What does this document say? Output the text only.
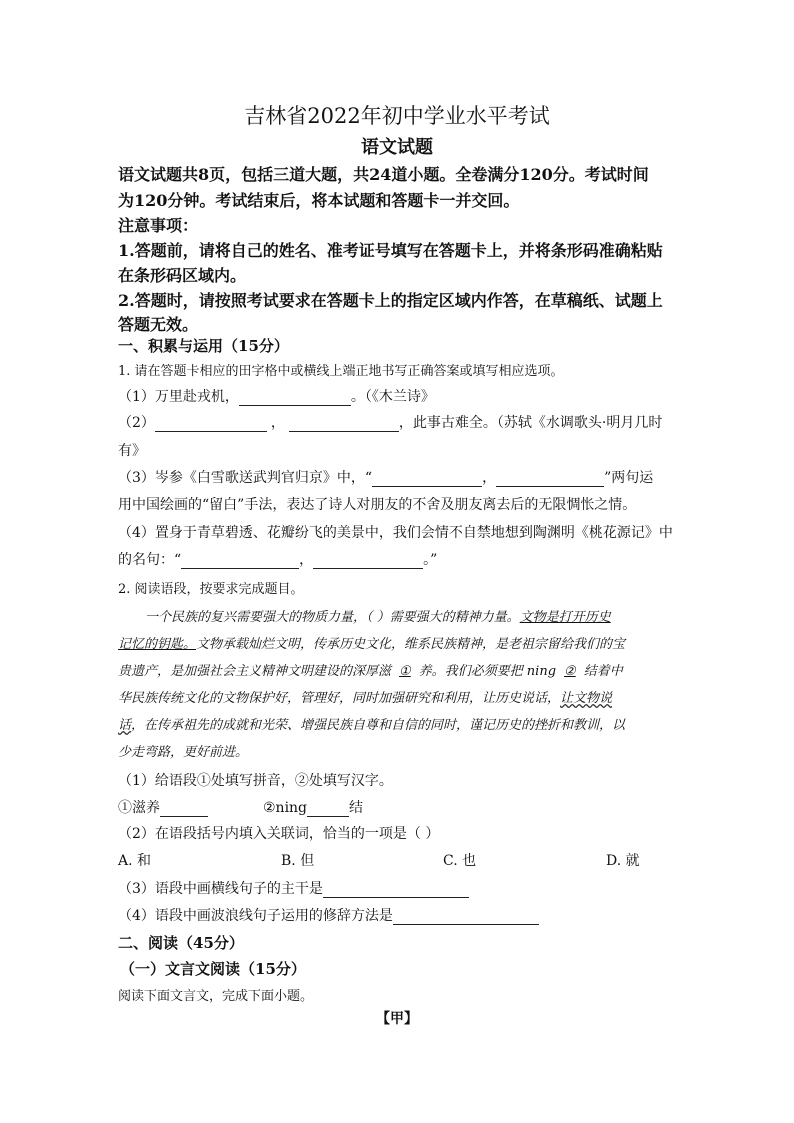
吉林省2022年初中学业水平考试
语文试题
语文试题共8页，包括三道大题，共24道小题。全卷满分120分。考试时间
为120分钟。考试结束后，将本试题和答题卡一并交回。
注意事项：
1.答题前，请将自己的姓名、准考证号填写在答题卡上，并将条形码准确粘贴
在条形码区域内。
2.答题时，请按照考试要求在答题卡上的指定区域内作答，在草稿纸、试题上
答题无效。
一、积累与运用（15分）
1. 请在答题卡相应的田字格中或横线上端正地书写正确答案或填写相应选项。
（1）万里赴戎机，	。（《木兰诗》
（2）	，	，此事古难全。（苏轼《水调歌头·明月几时
有》
（3）岑参《白雪歌送武判官归京》中，“	，	”两句运
用中国绘画的“留白”手法，表达了诗人对朋友的不舍及朋友离去后的无限惆怅之情。
（4）置身于青草碧透、花瓣纷飞的美景中，我们会情不自禁地想到陶渊明《桃花源记》中
的名句：“	，	。”
2. 阅读语段，按要求完成题目。
一个民族的复兴需要强大的物质力量，（ ）需要强大的精神力量。文物是打开历史
记忆的钥匙。文物承载灿烂文明，传承历史文化，维系民族精神，是老祖宗留给我们的宝
贵遗产，是加强社会主义精神文明建设的深厚滋 ① 养。我们必须要把 ning ② 结着中
华民族传统文化的文物保护好，管理好，同时加强研究和利用，让历史说话，让文物说
话，在传承祖先的成就和光荣、增强民族自尊和自信的同时，谨记历史的挫折和教训，以
少走弯路，更好前进。
（1）给语段①处填写拼音，②处填写汉字。
①滋养	②ning	结
（2）在语段括号内填入关联词，恰当的一项是（ ）
A. 和	B. 但	C. 也	D. 就
（3）语段中画横线句子的主干是
（4）语段中画波浪线句子运用的修辞方法是
二、阅读（45分）
（一）文言文阅读（15分）
阅读下面文言文，完成下面小题。
【甲】
